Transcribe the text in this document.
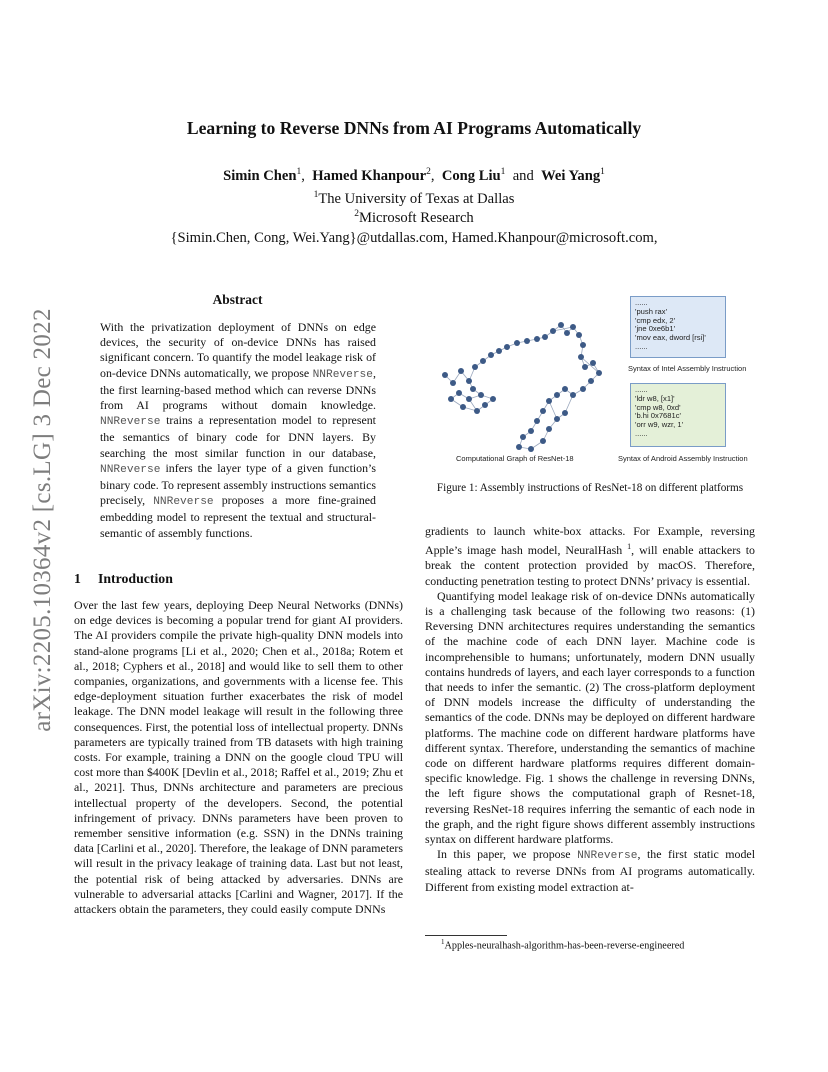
arXiv:2205.10364v2 [cs.LG] 3 Dec 2022
Learning to Reverse DNNs from AI Programs Automatically
Simin Chen$^1$,  Hamed Khanpour$^2$,  Cong Liu$^1$ and Wei Yang$^1$
$^1$The University of Texas at Dallas
$^2$Microsoft Research
{Simin.Chen, Cong, Wei.Yang}@utdallas.com, Hamed.Khanpour@microsoft.com,
Abstract

With the privatization deployment of DNNs on edge devices, the security of on-device DNNs has raised significant concern. To quantify the model leakage risk of on-device DNNs automatically, we propose NNReverse, the first learning-based method which can reverse DNNs from AI programs without domain knowledge. NNReverse trains a representation model to represent the semantics of binary code for DNN layers. By searching the most similar function in our database, NNReverse infers the layer type of a given function’s binary code. To represent assembly instructions semantics precisely, NNReverse proposes a more fine-grained embedding model to represent the textual and structural-semantic of assembly functions.

1 Introduction

Over the last few years, deploying Deep Neural Networks (DNNs) on edge devices is becoming a popular trend for giant AI providers. The AI providers compile the private high-quality DNN models into stand-alone programs [Li et al., 2020; Chen et al., 2018a; Rotem et al., 2018; Cyphers et al., 2018] and would like to sell them to other companies, organizations, and governments with a license fee. This edge-deployment situation further exacerbates the risk of model leakage. The DNN model leakage will result in the following three consequences. First, the potential loss of intellectual property. DNNs parameters are typically trained from TB datasets with high training costs. For example, training a DNN on the google cloud TPU will cost more than $400K [Devlin et al., 2018; Raffel et al., 2019; Zhu et al., 2021]. Thus, DNNs architecture and parameters are precious intellectual property of the developers. Second, the potential infringement of privacy. DNNs parameters have been proven to remember sensitive information (e.g. SSN) in the DNNs training data [Carlini et al., 2020]. Therefore, the leakage of DNN parameters will result in the privacy leakage of training data. Last but not least, the potential risk of being attacked by adversaries. DNNs are vulnerable to adversarial attacks [Carlini and Wagner, 2017]. If the attackers obtain the parameters, they could easily compute DNNs

......
'push rax'
'cmp edx, 2'
'jne 0xe6b1'
'mov eax, dword [rsi]'
......
Syntax of Intel Assembly Instruction
......
'ldr w8, [x1]'
'cmp w8, 0xd'
'b.hi 0x7681c'
'orr w9, wzr, 1'
......
Syntax of Android Assembly Instruction
Computational Graph of ResNet-18
Figure 1: Assembly instructions of ResNet-18 on different platforms

gradients to launch white-box attacks. For Example, reversing Apple’s image hash model, NeuralHash $^1$, will enable attackers to break the content protection provided by macOS. Therefore, conducting penetration testing to protect DNNs’ privacy is essential.

Quantifying model leakage risk of on-device DNNs automatically is a challenging task because of the following two reasons: (1) Reversing DNN architectures requires understanding the semantics of the machine code of each DNN layer. Machine code is incomprehensible to humans; unfortunately, modern DNN usually contains hundreds of layers, and each layer corresponds to a function that needs to infer the semantic. (2) The cross-platform deployment of DNN models increase the difficulty of understanding the semantics of the code. DNNs may be deployed on different hardware platforms. The machine code on different hardware platforms have different syntax. Therefore, understanding the semantics of machine code on different hardware platforms requires different domain-specific knowledge. Fig. 1 shows the challenge in reversing DNNs, the left figure shows the computational graph of Resnet-18, reversing ResNet-18 requires inferring the semantic of each node in the graph, and the right figure shows different assembly instructions syntax on different hardware platforms.

In this paper, we propose NNReverse, the first static model stealing attack to reverse DNNs from AI programs automatically. Different from existing model extraction at-

$^1$Apples-neuralhash-algorithm-has-been-reverse-engineered
